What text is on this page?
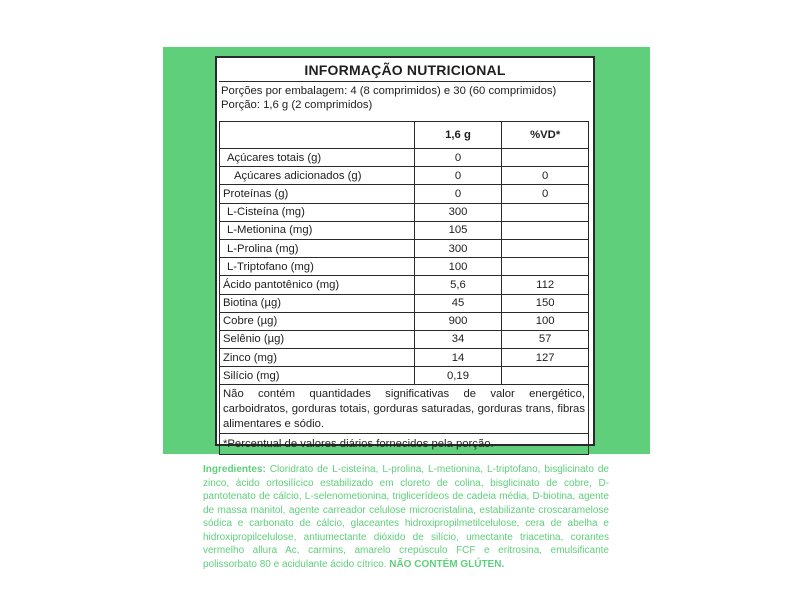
INFORMAÇÃO NUTRICIONAL
Porções por embalagem: 4 (8 comprimidos) e 30 (60 comprimidos)
Porção: 1,6 g (2 comprimidos)
	1,6 g	%VD*
Açúcares totais (g)	0	
Açúcares adicionados (g)	0	0
Proteínas (g)	0	0
L-Cisteína (mg)	300	
L-Metionina (mg)	105	
L-Prolina (mg)	300	
L-Triptofano (mg)	100	
Ácido pantotênico (mg)	5,6	112
Biotina (µg)	45	150
Cobre (µg)	900	100
Selênio (µg)	34	57
Zinco (mg)	14	127
Silício (mg)	0,19	
Não contém quantidades significativas de valor energético, carboidratos, gorduras totais, gorduras saturadas, gorduras trans, fibras alimentares e sódio.		
*Percentual de valores diários fornecidos pela porção.		
Ingredientes: Cloridrato de L-cisteína, L-prolina, L-metionina, L-triptofano, bisglicinato de zinco, ácido ortosilícico estabilizado em cloreto de colina, bisglicinato de cobre, D-pantotenato de cálcio, L-selenometionina, triglicerídeos de cadeia média, D-biotina, agente de massa manitol, agente carreador celulose microcristalina, estabilizante croscaramelose sódica e carbonato de cálcio, glaceantes hidroxipropilmetilcelulose, cera de abelha e hidroxipropilcelulose, antiumectante dióxido de silício, umectante triacetina, corantes vermelho allura Ac, carmins, amarelo crepúsculo FCF e eritrosina, emulsificante polissorbato 80 e acidulante ácido cítrico. NÃO CONTÉM GLÚTEN.
